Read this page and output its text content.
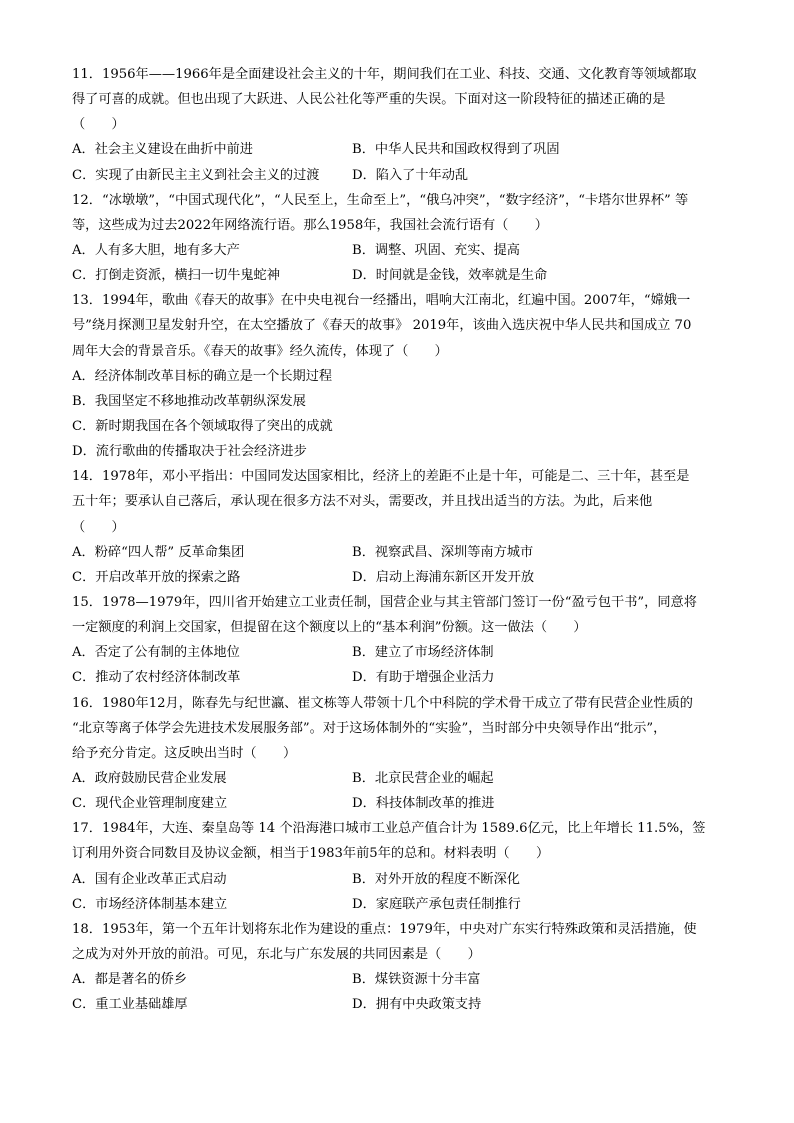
11．1956年——1966年是全面建设社会主义的十年，期间我们在工业、科技、交通、文化教育等领域都取
得了可喜的成就。但也出现了大跃进、人民公社化等严重的失误。下面对这一阶段特征的描述正确的是
（　　）
A．社会主义建设在曲折中前进	B．中华人民共和国政权得到了巩固
C．实现了由新民主主义到社会主义的过渡	D．陷入了十年动乱
12．“冰墩墩”，“中国式现代化”，“人民至上，生命至上”，“俄乌冲突”，“数字经济”，“卡塔尔世界杯” 等
等，这些成为过去2022年网络流行语。那么1958年，我国社会流行语有（　　）
A．人有多大胆，地有多大产	B．调整、巩固、充实、提高
C．打倒走资派，横扫一切牛鬼蛇神	D．时间就是金钱，效率就是生命
13．1994年，歌曲《春天的故事》在中央电视台一经播出，唱响大江南北，红遍中国。2007年，“嫦娥一
号”绕月探测卫星发射升空，在太空播放了《春天的故事》 2019年，该曲入选庆祝中华人民共和国成立 70
周年大会的背景音乐。《春天的故事》经久流传，体现了（　　）
A．经济体制改革目标的确立是一个长期过程
B．我国坚定不移地推动改革朝纵深发展
C．新时期我国在各个领域取得了突出的成就
D．流行歌曲的传播取决于社会经济进步
14．1978年，邓小平指出：中国同发达国家相比，经济上的差距不止是十年，可能是二、三十年，甚至是
五十年；要承认自己落后，承认现在很多方法不对头，需要改，并且找出适当的方法。为此，后来他
（　　）
A．粉碎“四人帮” 反革命集团	B．视察武昌、深圳等南方城市
C．开启改革开放的探索之路	D．启动上海浦东新区开发开放
15．1978—1979年，四川省开始建立工业责任制，国营企业与其主管部门签订一份“盈亏包干书”，同意将
一定额度的利润上交国家，但提留在这个额度以上的“基本利润”份额。这一做法（　　）
A．否定了公有制的主体地位	B．建立了市场经济体制
C．推动了农村经济体制改革	D．有助于增强企业活力
16．1980年12月，陈春先与纪世瀛、崔文栋等人带领十几个中科院的学术骨干成立了带有民营企业性质的
“北京等离子体学会先进技术发展服务部”。对于这场体制外的“实验”，当时部分中央领导作出“批示”，
给予充分肯定。这反映出当时（　　）
A．政府鼓励民营企业发展	B．北京民营企业的崛起
C．现代企业管理制度建立	D．科技体制改革的推进
17．1984年，大连、秦皇岛等 14 个沿海港口城市工业总产值合计为 1589.6亿元，比上年增长 11.5%，签
订利用外资合同数目及协议金额，相当于1983年前5年的总和。材料表明（　　）
A．国有企业改革正式启动	B．对外开放的程度不断深化
C．市场经济体制基本建立	D．家庭联产承包责任制推行
18．1953年，第一个五年计划将东北作为建设的重点：1979年，中央对广东实行特殊政策和灵活措施，使
之成为对外开放的前沿。可见，东北与广东发展的共同因素是（　　）
A．都是著名的侨乡	B．煤铁资源十分丰富
C．重工业基础雄厚	D．拥有中央政策支持
